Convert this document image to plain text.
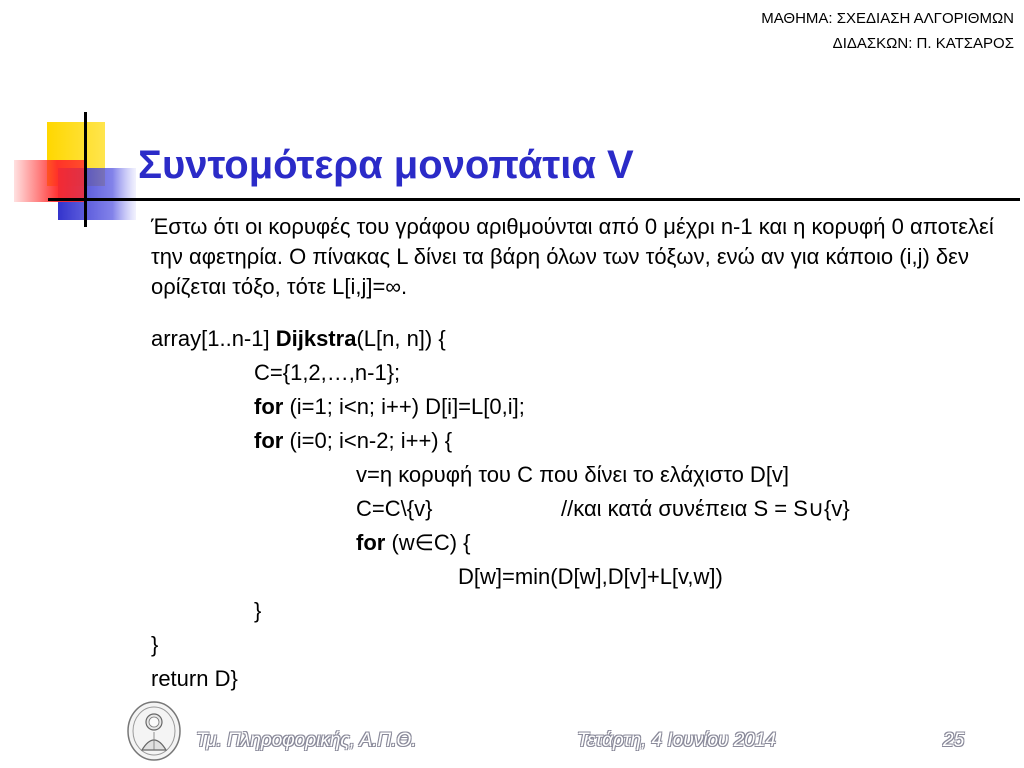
ΜΑΘΗΜΑ: ΣΧΕΔΙΑΣΗ ΑΛΓΟΡΙΘΜΩΝ
ΔΙΔΑΣΚΩΝ: Π. ΚΑΤΣΑΡΟΣ
Συντομότερα μονοπάτια V
Έστω ότι οι κορυφές του γράφου αριθμούνται από 0 μέχρι n-1 και η κορυφή 0 αποτελεί την αφετηρία. Ο πίνακας L δίνει τα βάρη όλων των τόξων, ενώ αν για κάποιο (i,j) δεν ορίζεται τόξο, τότε L[i,j]=∞.
array[1..n-1] Dijkstra(L[n, n]) {
C={1,2,…,n-1};
for (i=1; i<n; i++) D[i]=L[0,i];
for (i=0; i<n-2; i++) {
v=η κορυφή του C που δίνει το ελάχιστο D[v]
C=C\{v}	//και κατά συνέπεια S = S∪{v}
for (w∈C) {
D[w]=min(D[w],D[v]+L[v,w])
}
}
return D}
Τμ. Πληροφορικής, Α.Π.Θ.	Τετάρτη, 4 Ιουνίου 2014	25
